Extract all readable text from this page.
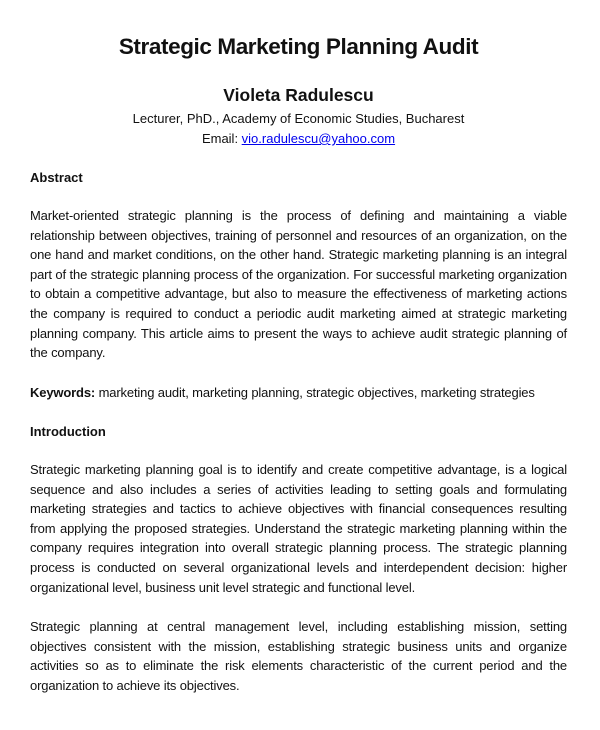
Strategic Marketing Planning Audit
Violeta Radulescu
Lecturer, PhD., Academy of Economic Studies, Bucharest
Email: vio.radulescu@yahoo.com
Abstract
Market-oriented strategic planning is the process of defining and maintaining a viable relationship between objectives, training of personnel and resources of an organization, on the one hand and market conditions, on the other hand. Strategic marketing planning is an integral part of the strategic planning process of the organization. For successful marketing organization to obtain a competitive advantage, but also to measure the effectiveness of marketing actions the company is required to conduct a periodic audit marketing aimed at strategic marketing planning company. This article aims to present the ways to achieve audit strategic planning of the company.
Keywords: marketing audit, marketing planning, strategic objectives, marketing strategies
Introduction
Strategic marketing planning goal is to identify and create competitive advantage, is a logical sequence and also includes a series of activities leading to setting goals and formulating marketing strategies and tactics to achieve objectives with financial consequences resulting from applying the proposed strategies. Understand the strategic marketing planning within the company requires integration into overall strategic planning process. The strategic planning process is conducted on several organizational levels and interdependent decision: higher organizational level, business unit level strategic and functional level.
Strategic planning at central management level, including establishing mission, setting objectives consistent with the mission, establishing strategic business units and organize activities so as to eliminate the risk elements characteristic of the current period and the organization to achieve its objectives.
